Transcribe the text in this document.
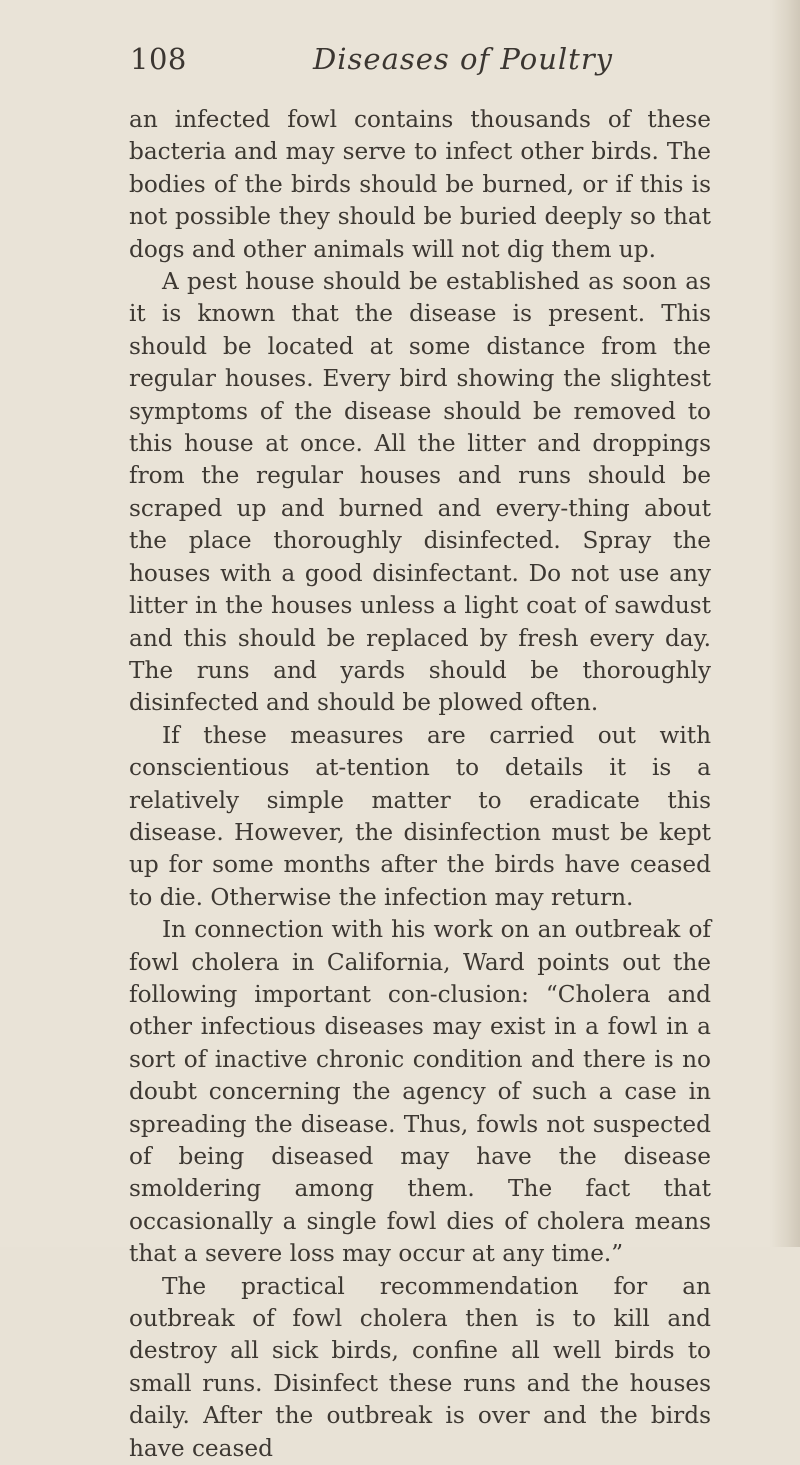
108	Diseases of Poultry

an infected fowl contains thousands of these bacteria and may serve to infect other birds. The bodies of the birds should be burned, or if this is not possible they should be buried deeply so that dogs and other animals will not dig them up.

A pest house should be established as soon as it is known that the disease is present. This should be located at some distance from the regular houses. Every bird showing the slightest symptoms of the disease should be removed to this house at once. All the litter and droppings from the regular houses and runs should be scraped up and burned and every-thing about the place thoroughly disinfected. Spray the houses with a good disinfectant. Do not use any litter in the houses unless a light coat of sawdust and this should be replaced by fresh every day. The runs and yards should be thoroughly disinfected and should be plowed often.

If these measures are carried out with conscientious at-tention to details it is a relatively simple matter to eradicate this disease. However, the disinfection must be kept up for some months after the birds have ceased to die. Otherwise the infection may return.

In connection with his work on an outbreak of fowl cholera in California, Ward points out the following important con-clusion: “Cholera and other infectious diseases may exist in a fowl in a sort of inactive chronic condition and there is no doubt concerning the agency of such a case in spreading the disease. Thus, fowls not suspected of being diseased may have the disease smoldering among them. The fact that occasionally a single fowl dies of cholera means that a severe loss may occur at any time.”

The practical recommendation for an outbreak of fowl cholera then is to kill and destroy all sick birds, confine all well birds to small runs. Disinfect these runs and the houses daily. After the outbreak is over and the birds have ceased
